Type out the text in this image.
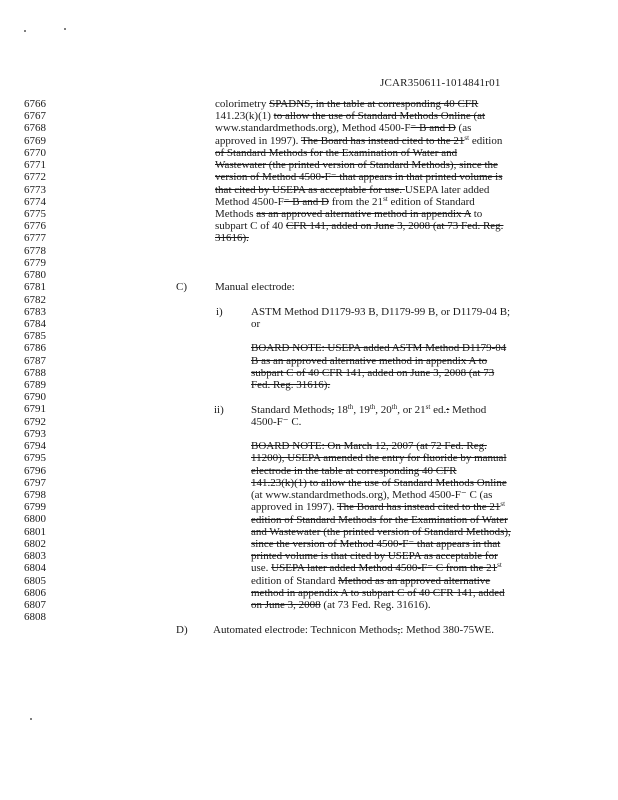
JCAR350611-1014841r01
6766
6767
6768
6769
6770
6771
6772
6773
6774
6775
6776
6777
6778
6779
6780
6781
6782
6783
6784
6785
6786
6787
6788
6789
6790
6791
6792
6793
6794
6795
6796
6797
6798
6799
6800
6801
6802
6803
6804
6805
6806
6807
6808
colorimetry SPADNS, in the table at corresponding 40 CFR
141.23(k)(1) to allow the use of Standard Methods Online (at
www.standardmethods.org), Method 4500-F⁻ B and D (as
approved in 1997). The Board has instead cited to the 21st edition
of Standard Methods for the Examination of Water and
Wastewater (the printed version of Standard Methods), since the
version of Method 4500-F⁻ that appears in that printed volume is
that cited by USEPA as acceptable for use. USEPA later added
Method 4500-F⁻ B and D from the 21st edition of Standard
Methods as an approved alternative method in appendix A to
subpart C of 40 CFR 141, added on June 3, 2008 (at 73 Fed. Reg.
31616).
C)	Manual electrode:
i)	ASTM Method D1179-93 B, D1179-99 B, or D1179-04 B;
or
BOARD NOTE: USEPA added ASTM Method D1179-04
B as an approved alternative method in appendix A to
subpart C of 40 CFR 141, added on June 3, 2008 (at 73
Fed. Reg. 31616).
ii) Standard Methods, 18th, 19th, 20th, or 21st ed.: Method
4500-F⁻ C.
BOARD NOTE: On March 12, 2007 (at 72 Fed. Reg.
11200), USEPA amended the entry for fluoride by manual
electrode in the table at corresponding 40 CFR
141.23(k)(1) to allow the use of Standard Methods Online
(at www.standardmethods.org), Method 4500-F⁻ C (as
approved in 1997). The Board has instead cited to the 21st
edition of Standard Methods for the Examination of Water
and Wastewater (the printed version of Standard Methods),
since the version of Method 4500-F⁻ that appears in that
printed volume is that cited by USEPA as acceptable for
use. USEPA later added Method 4500-F⁻ C from the 21st
edition of Standard Method as an approved alternative
method in appendix A to subpart C of 40 CFR 141, added
on June 3, 2008 (at 73 Fed. Reg. 31616).
D) Automated electrode: Technicon Methods,: Method 380-75WE.
